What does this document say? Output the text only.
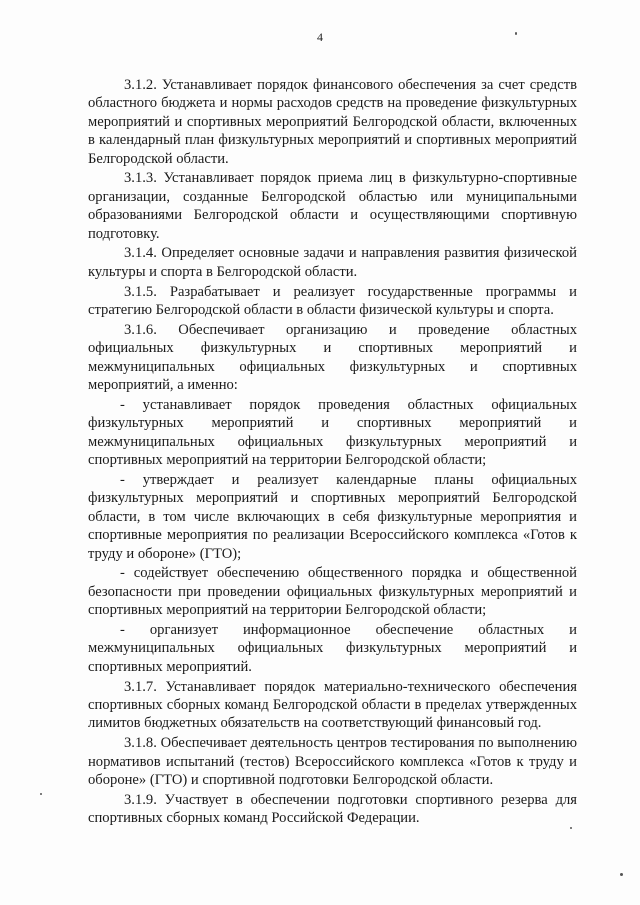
4

3.1.2. Устанавливает порядок финансового обеспечения за счет средств областного бюджета и нормы расходов средств на проведение физкультурных мероприятий и спортивных мероприятий Белгородской области, включенных в календарный план физкультурных мероприятий и спортивных мероприятий Белгородской области.

3.1.3. Устанавливает порядок приема лиц в физкультурно-спортивные организации, созданные Белгородской областью или муниципальными образованиями Белгородской области и осуществляющими спортивную подготовку.

3.1.4. Определяет основные задачи и направления развития физической культуры и спорта в Белгородской области.

3.1.5. Разрабатывает и реализует государственные программы и стратегию Белгородской области в области физической культуры и спорта.

3.1.6. Обеспечивает организацию и проведение областных официальных физкультурных и спортивных мероприятий и межмуниципальных официальных физкультурных и спортивных мероприятий, а именно:

- устанавливает порядок проведения областных официальных физкультурных мероприятий и спортивных мероприятий и межмуниципальных официальных физкультурных мероприятий и спортивных мероприятий на территории Белгородской области;

- утверждает и реализует календарные планы официальных физкультурных мероприятий и спортивных мероприятий Белгородской области, в том числе включающих в себя физкультурные мероприятия и спортивные мероприятия по реализации Всероссийского комплекса «Готов к труду и обороне» (ГТО);

- содействует обеспечению общественного порядка и общественной безопасности при проведении официальных физкультурных мероприятий и спортивных мероприятий на территории Белгородской области;

- организует информационное обеспечение областных и межмуниципальных официальных физкультурных мероприятий и спортивных мероприятий.

3.1.7. Устанавливает порядок материально-технического обеспечения спортивных сборных команд Белгородской области в пределах утвержденных лимитов бюджетных обязательств на соответствующий финансовый год.

3.1.8. Обеспечивает деятельность центров тестирования по выполнению нормативов испытаний (тестов) Всероссийского комплекса «Готов к труду и обороне» (ГТО) и спортивной подготовки Белгородской области.

3.1.9. Участвует в обеспечении подготовки спортивного резерва для спортивных сборных команд Российской Федерации.
